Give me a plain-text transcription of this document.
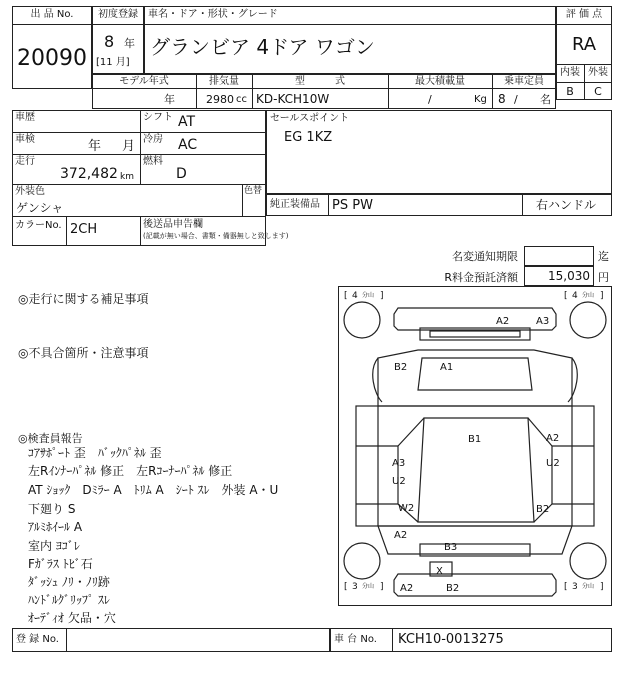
出 品 No.
20090
初度登録
8 年
[11 月]
車名・ドア・形状・グレード
グランビア 4ドア ワゴン
評 価 点
RA
内装 外装
B	C
モデル年式
年
排気量
2980 cc
型　　　式
KD-KCH10W
最大積載量
/	Kg
乗車定員
8 / 名
車歴	シフト AT
車検	年 月 冷房 AC
走行
372,482 km
燃料
D
外装色
ゲンシャ
色替
カラーNo. 2CH	後送品申告欄
(記載が無い場合、書類・備器無しと致します)
セールスポイント
EG 1KZ
純正装備品 PS PW	右ハンドル
名変通知期限	迄
R料金預託済額	15,030 円
◎走行に関する補足事項
◎不具合箇所・注意事項
◎検査員報告
ｺｱｻﾎﾟｰﾄ 歪　ﾊﾞｯｸﾊﾟﾈﾙ 歪
左Rｲﾝﾅｰﾊﾟﾈﾙ 修正　左Rｺｰﾅｰﾊﾟﾈﾙ 修正
AT ｼｮｯｸ　Dﾐﾗｰ A　ﾄﾘﾑ A　ｼｰﾄ ｽﾚ　外装 A・U
下廻り S
ｱﾙﾐﾎｲｰﾙ A
室内 ﾖｺﾞﾚ
Fｶﾞﾗｽ ﾄﾋﾞ石
ﾀﾞｯｼｭ ﾉﾘ・ﾉﾘ跡
ﾊﾝﾄﾞﾙｸﾞﾘｯﾌﾟ ｽﾚ
ｵｰﾃﾞｨｵ 欠品・穴
[ 4 分山 ]	[ 4 分山 ]
[ 3 分山 ]	[ 3 分山 ]
A2	A3
A1
B2
B1	A2
U2
A3
U2
W2
A2
B2
B3
X
A2	B2
登 録 No.	車 台 No. KCH10-0013275
